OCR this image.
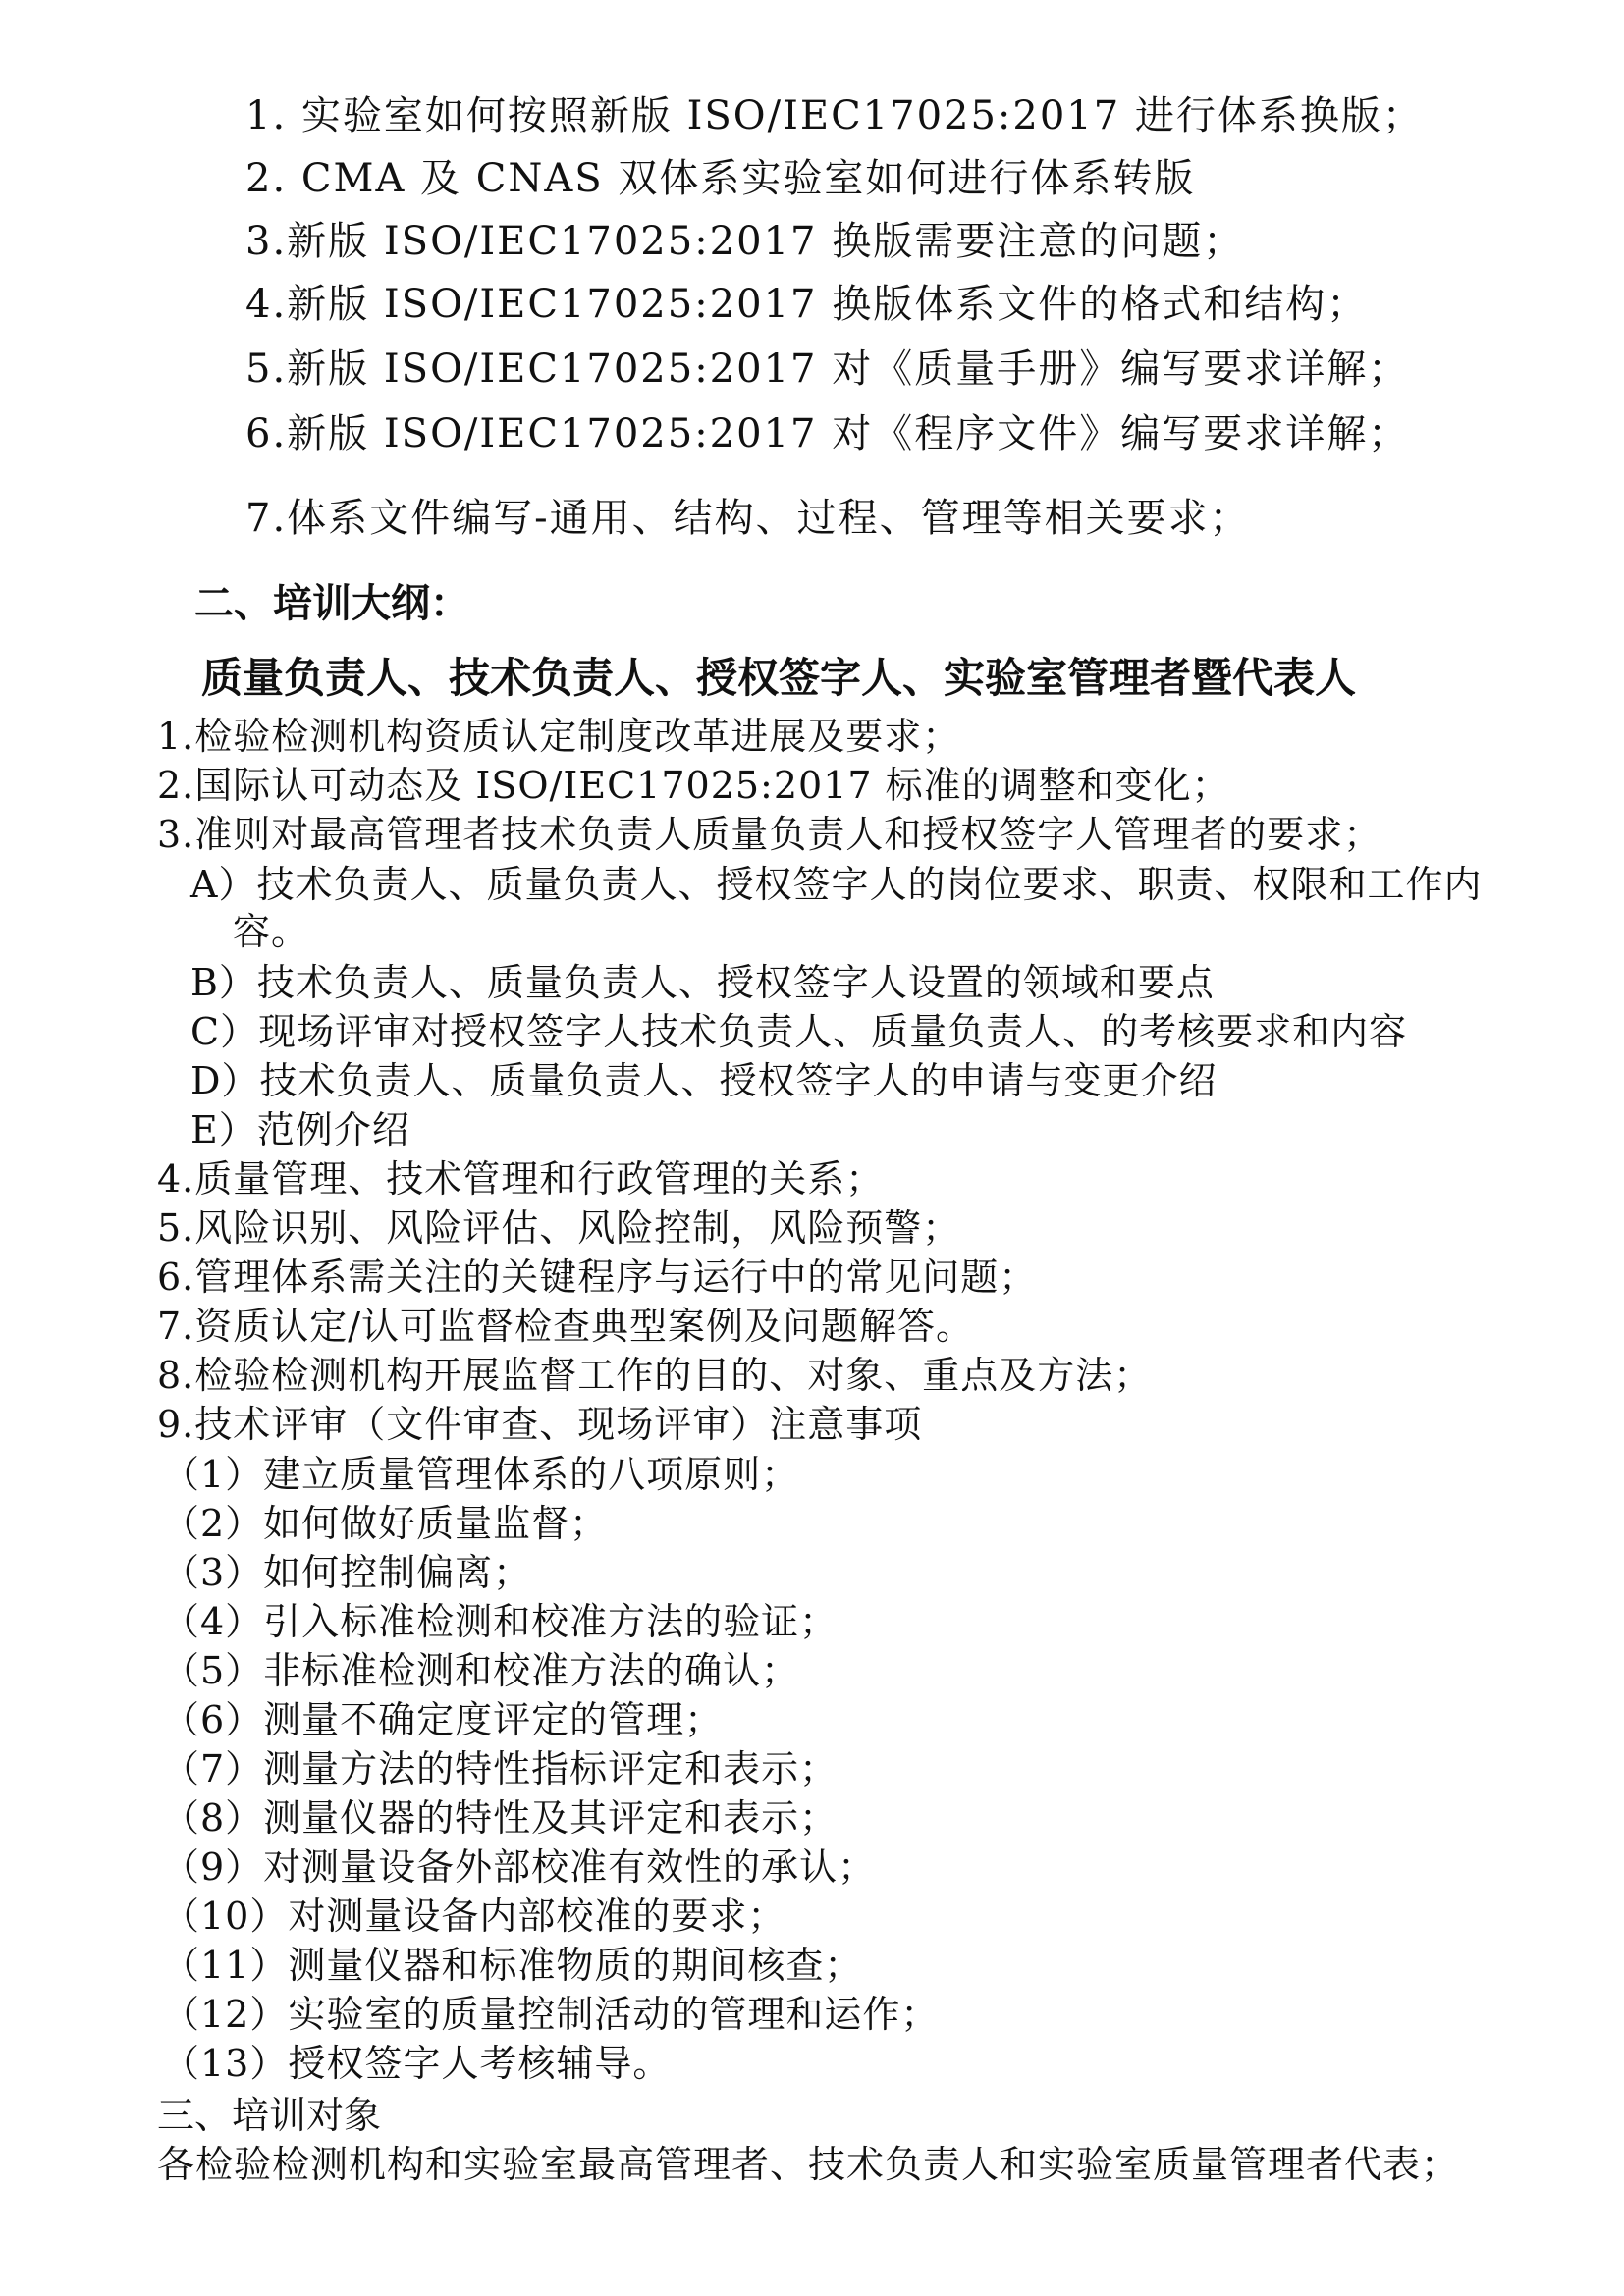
1. 实验室如何按照新版 ISO/IEC17025:2017 进行体系换版；
2. CMA 及 CNAS 双体系实验室如何进行体系转版
3.新版 ISO/IEC17025:2017 换版需要注意的问题；
4.新版 ISO/IEC17025:2017 换版体系文件的格式和结构；
5.新版 ISO/IEC17025:2017 对《质量手册》编写要求详解；
6.新版 ISO/IEC17025:2017 对《程序文件》编写要求详解；
7.体系文件编写-通用、结构、过程、管理等相关要求；
二、培训大纲：
质量负责人、技术负责人、授权签字人、实验室管理者暨代表人
1.检验检测机构资质认定制度改革进展及要求；
2.国际认可动态及 ISO/IEC17025:2017 标准的调整和变化；
3.准则对最高管理者技术负责人质量负责人和授权签字人管理者的要求；
A）技术负责人、质量负责人、授权签字人的岗位要求、职责、权限和工作内
容。
B）技术负责人、质量负责人、授权签字人设置的领域和要点
C）现场评审对授权签字人技术负责人、质量负责人、的考核要求和内容
D）技术负责人、质量负责人、授权签字人的申请与变更介绍
E）范例介绍
4.质量管理、技术管理和行政管理的关系；
5.风险识别、风险评估、风险控制，风险预警；
6.管理体系需关注的关键程序与运行中的常见问题；
7.资质认定/认可监督检查典型案例及问题解答。
8.检验检测机构开展监督工作的目的、对象、重点及方法；
9.技术评审（文件审查、现场评审）注意事项
（1）建立质量管理体系的八项原则；
（2）如何做好质量监督；
（3）如何控制偏离；
（4）引入标准检测和校准方法的验证；
（5）非标准检测和校准方法的确认；
（6）测量不确定度评定的管理；
（7）测量方法的特性指标评定和表示；
（8）测量仪器的特性及其评定和表示；
（9）对测量设备外部校准有效性的承认；
（10）对测量设备内部校准的要求；
（11）测量仪器和标准物质的期间核查；
（12）实验室的质量控制活动的管理和运作；
（13）授权签字人考核辅导。
三、培训对象
各检验检测机构和实验室最高管理者、技术负责人和实验室质量管理者代表；
